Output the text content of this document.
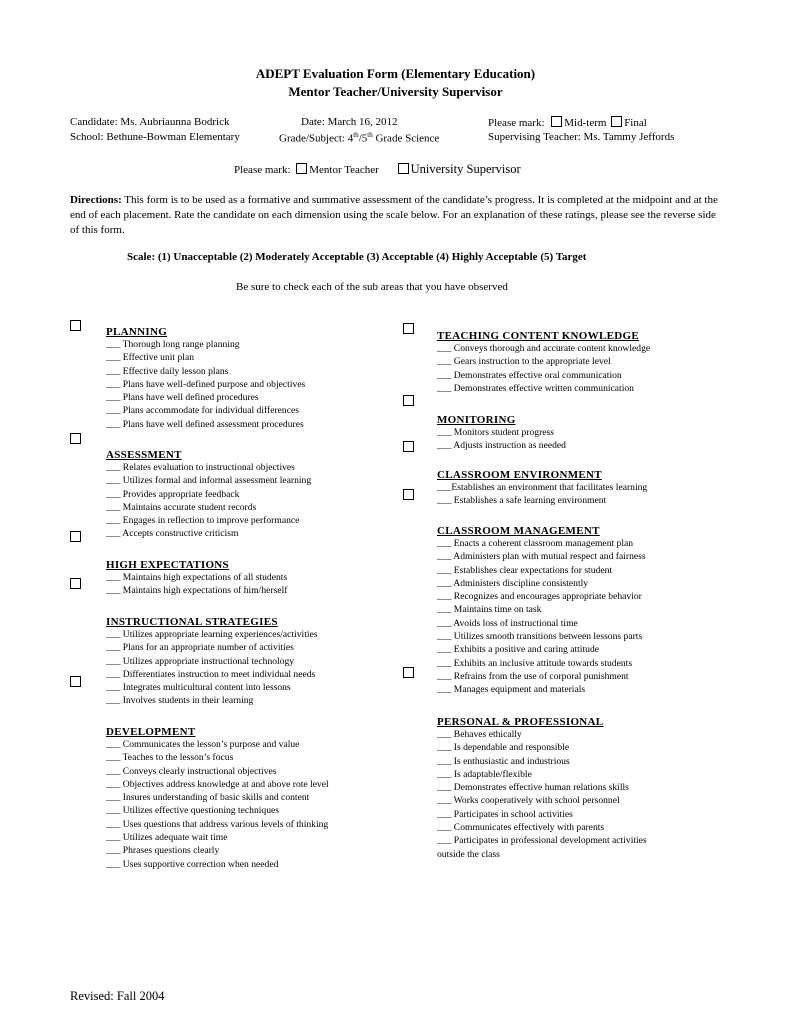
ADEPT Evaluation Form (Elementary Education)
Mentor Teacher/University Supervisor
Candidate: Ms. Aubriaunna Bodrick	Date: March 16, 2012	Please mark: Mid-term Final
School: Bethune-Bowman Elementary	Grade/Subject: 4th/5th Grade Science	Supervising Teacher: Ms. Tammy Jeffords
Please mark: Mentor Teacher	University Supervisor
Directions: This form is to be used as a formative and summative assessment of the candidate’s progress. It is completed at the midpoint and at the end of each placement. Rate the candidate on each dimension using the scale below. For an explanation of these ratings, please see the reverse side of this form.
Scale: (1) Unacceptable (2) Moderately Acceptable (3) Acceptable (4) Highly Acceptable (5) Target
Be sure to check each of the sub areas that you have observed
PLANNING
___ Thorough long range planning
___ Effective unit plan
___ Effective daily lesson plans
___ Plans have well-defined purpose and objectives
___ Plans have well defined procedures
___ Plans accommodate for individual differences
___ Plans have well defined assessment procedures
ASSESSMENT
___ Relates evaluation to instructional objectives
___ Utilizes formal and informal assessment learning
___ Provides appropriate feedback
___ Maintains accurate student records
___ Engages in reflection to improve performance
___ Accepts constructive criticism
HIGH EXPECTATIONS
___ Maintains high expectations of all students
___ Maintains high expectations of him/herself
INSTRUCTIONAL STRATEGIES
___ Utilizes appropriate learning experiences/activities
___ Plans for an appropriate number of activities
___ Utilizes appropriate instructional technology
___ Differentiates instruction to meet individual needs
___ Integrates multicultural content into lessons
___ Involves students in their learning
DEVELOPMENT
___ Communicates the lesson’s purpose and value
___ Teaches to the lesson’s focus
___ Conveys clearly instructional objectives
___ Objectives address knowledge at and above rote level
___ Insures understanding of basic skills and content
___ Utilizes effective questioning techniques
___ Uses questions that address various levels of thinking
___ Utilizes adequate wait time
___ Phrases questions clearly
___ Uses supportive correction when needed
TEACHING CONTENT KNOWLEDGE
___ Conveys thorough and accurate content knowledge
___ Gears instruction to the appropriate level
___ Demonstrates effective oral communication
___ Demonstrates effective written communication
MONITORING
___ Monitors student progress
___ Adjusts instruction as needed
CLASSROOM ENVIRONMENT
___Establishes an environment that facilitates learning
___ Establishes a safe learning environment
CLASSROOM MANAGEMENT
___ Enacts a coherent classroom management plan
___ Administers plan with mutual respect and fairness
___ Establishes clear expectations for student
___ Administers discipline consistently
___ Recognizes and encourages appropriate behavior
___ Maintains time on task
___ Avoids loss of instructional time
___ Utilizes smooth transitions between lessons parts
___ Exhibits a positive and caring attitude
___ Exhibits an inclusive attitude towards students
___ Refrains from the use of corporal punishment
___ Manages equipment and materials
PERSONAL & PROFESSIONAL
___ Behaves ethically
___ Is dependable and responsible
___ Is enthusiastic and industrious
___ Is adaptable/flexible
___ Demonstrates effective human relations skills
___ Works cooperatively with school personnel
___ Participates in school activities
___ Communicates effectively with parents
___ Participates in professional development activities
outside the class
Revised: Fall 2004
